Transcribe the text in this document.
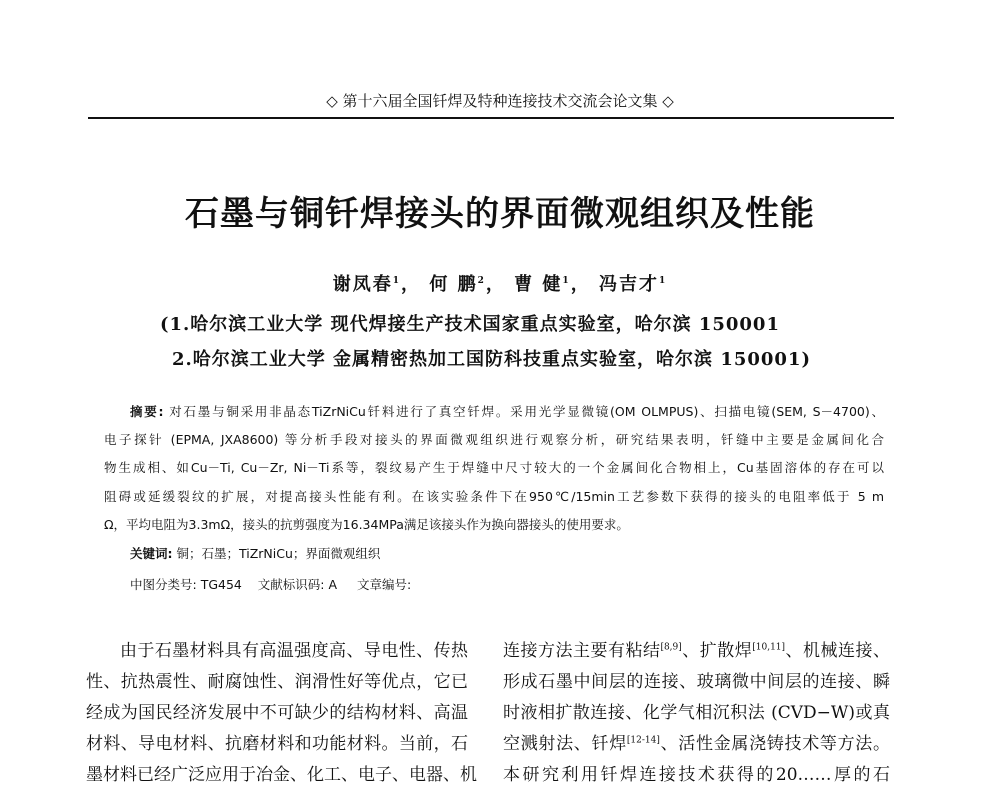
◇ 第十六届全国钎焊及特种连接技术交流会论文集 ◇
石墨与铜钎焊接头的界面微观组织及性能
谢凤春$^1$， 何 鹏$^2$， 曹 健$^1$， 冯吉才$^1$
(1.哈尔滨工业大学 现代焊接生产技术国家重点实验室，哈尔滨 150001
2.哈尔滨工业大学 金属精密热加工国防科技重点实验室，哈尔滨 150001)
摘要: 对石墨与铜采用非晶态TiZrNiCu钎料进行了真空钎焊。采用光学显微镜(OM OLMPUS)、扫描电镜(SEM, S－4700)、
电子探针 (EPMA, JXA8600) 等分析手段对接头的界面微观组织进行观察分析，研究结果表明，钎缝中主要是金属间化合
物生成相、如Cu－Ti, Cu－Zr, Ni－Ti系等，裂纹易产生于焊缝中尺寸较大的一个金属间化合物相上，Cu基固溶体的存在可以
阻碍或延缓裂纹的扩展，对提高接头性能有利。在该实验条件下在950℃/15min工艺参数下获得的接头的电阻率低于 5 m
Ω，平均电阻为3.3mΩ，接头的抗剪强度为16.34MPa满足该接头作为换向器接头的使用要求。
关键词: 铜；石墨；TiZrNiCu；界面微观组织
中图分类号: TG454 文献标识码: A 文章编号:
由于石墨材料具有高温强度高、导电性、传热
性、抗热震性、耐腐蚀性、润滑性好等优点，它已
经成为国民经济发展中不可缺少的结构材料、高温
材料、导电材料、抗磨材料和功能材料。当前，石
墨材料已经广泛应用于冶金、化工、电子、电器、机
连接方法主要有粘结[8,9]、扩散焊[10,11]、机械连接、
形成石墨中间层的连接、玻璃微中间层的连接、瞬
时液相扩散连接、化学气相沉积法 (CVD−W)或真
空溅射法、钎焊[12-14]、活性金属浇铸技术等方法。
本研究利用钎焊连接技术获得的20……厚的石
